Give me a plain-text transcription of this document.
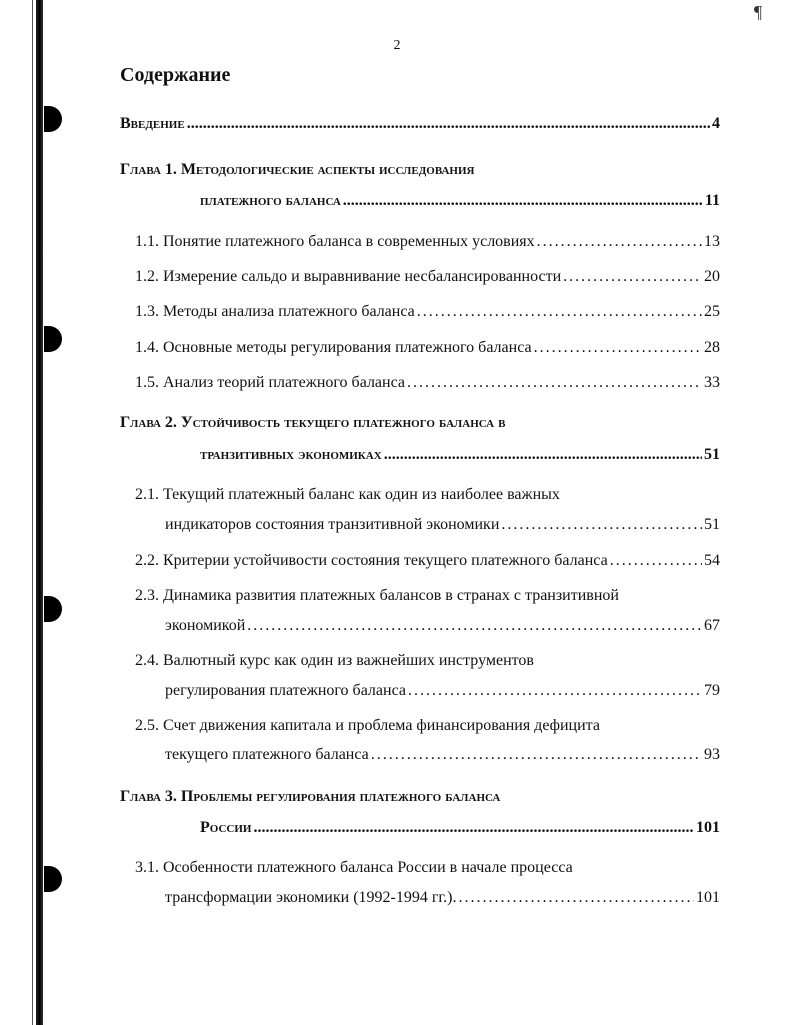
¶
2
Содержание
Введение .....	4
Глава 1. Методологические аспекты исследования
платежного баланса .....	11
1.1. Понятие платежного баланса в современных условиях . . .	13
1.2. Измерение сальдо и выравнивание несбалансированности . . .	20
1.3. Методы анализа платежного баланса . . .	25
1.4. Основные методы регулирования платежного баланса . . .	28
1.5. Анализ теорий платежного баланса . . .	33
Глава 2. Устойчивость текущего платежного баланса в
транзитивных экономиках .....	51
2.1. Текущий платежный баланс как один из наиболее важных
индикаторов состояния транзитивной экономики . . .	51
2.2. Критерии устойчивости состояния текущего платежного баланса . . .	54
2.3. Динамика развития платежных балансов в странах с транзитивной
экономикой . . .	67
2.4. Валютный курс как один из важнейших инструментов
регулирования платежного баланса . . .	79
2.5. Счет движения капитала и проблема финансирования дефицита
текущего платежного баланса . . .	93
Глава 3. Проблемы регулирования платежного баланса
России .....	101
3.1. Особенности платежного баланса России в начале процесса
трансформации экономики (1992-1994 гг.). . . .	101
